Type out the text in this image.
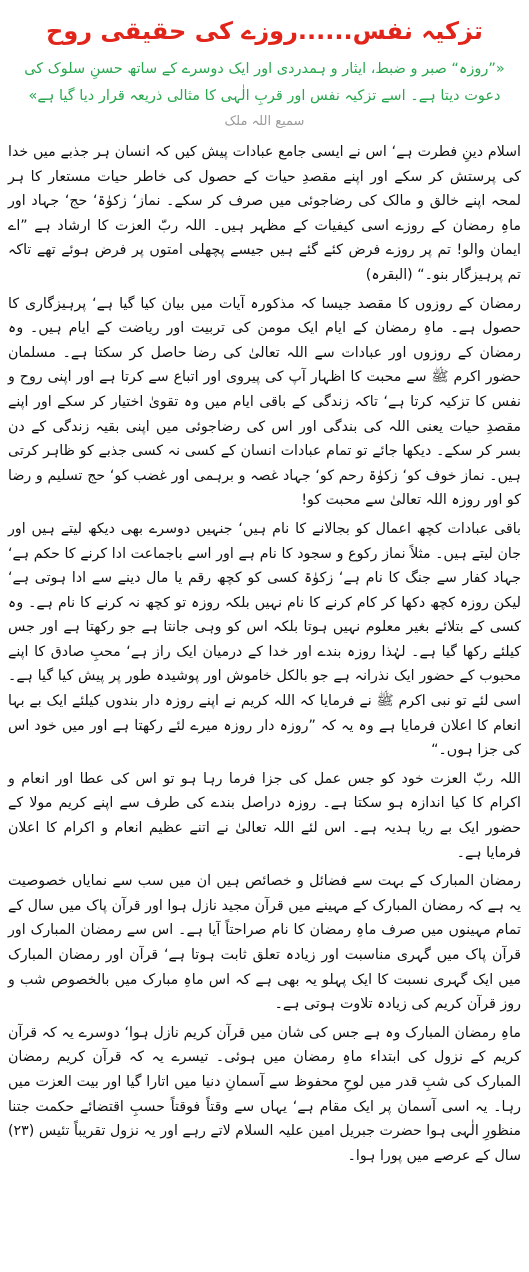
تزکیہ نفس......روزے کی حقیقی روح
«”روزہ“ صبر و ضبط، ایثار و ہمدردی اور ایک دوسرے کے ساتھ حسنِ سلوک کی دعوت دیتا ہے۔ اسے تزکیہ نفس اور قربِ الٰہی کا مثالی ذریعہ قرار دیا گیا ہے»
سمیع اللہ ملک

اسلام دینِ فطرت ہے‘ اس نے ایسی جامع عبادات پیش کیں کہ انسان ہر جذبے میں خدا کی پرستش کر سکے اور اپنے مقصدِ حیات کے حصول کی خاطر حیات مستعار کا ہر لمحہ اپنے خالق و مالک کی رضاجوئی میں صرف کر سکے۔ نماز‘ زکوٰۃ‘ حج‘ جہاد اور ماہِ رمضان کے روزے اسی کیفیات کے مظہر ہیں۔ اللہ ربّ العزت کا ارشاد ہے ”اے ایمان والو! تم پر روزے فرض کئے گئے ہیں جیسے پچھلی امتوں پر فرض ہوئے تھے تاکہ تم پرہیزگار بنو۔“ (البقرہ)

رمضان کے روزوں کا مقصد جیسا کہ مذکورہ آیات میں بیان کیا گیا ہے‘ پرہیزگاری کا حصول ہے۔ ماہِ رمضان کے ایام ایک مومن کی تربیت اور ریاضت کے ایام ہیں۔ وہ رمضان کے روزوں اور عبادات سے اللہ تعالیٰ کی رضا حاصل کر سکتا ہے۔ مسلمان حضور اکرم ﷺ سے محبت کا اظہار آپ کی پیروی اور اتباع سے کرتا ہے اور اپنی روح و نفس کا تزکیہ کرتا ہے‘ تاکہ زندگی کے باقی ایام میں وہ تقویٰ اختیار کر سکے اور اپنے مقصدِ حیات یعنی اللہ کی بندگی اور اس کی رضاجوئی میں اپنی بقیہ زندگی کے دن بسر کر سکے۔ دیکھا جائے تو تمام عبادات انسان کے کسی نہ کسی جذبے کو ظاہر کرتی ہیں۔ نماز خوف کو‘ زکوٰۃ رحم کو‘ جہاد غصہ و برہمی اور غضب کو‘ حج تسلیم و رضا کو اور روزہ اللہ تعالیٰ سے محبت کو!

باقی عبادات کچھ اعمال کو بجالانے کا نام ہیں‘ جنہیں دوسرے بھی دیکھ لیتے ہیں اور جان لیتے ہیں۔ مثلاً نماز رکوع و سجود کا نام ہے اور اسے باجماعت ادا کرنے کا حکم ہے‘ جہاد کفار سے جنگ کا نام ہے‘ زکوٰۃ کسی کو کچھ رقم یا مال دینے سے ادا ہوتی ہے‘ لیکن روزہ کچھ دکھا کر کام کرنے کا نام نہیں بلکہ روزہ تو کچھ نہ کرنے کا نام ہے۔ وہ کسی کے بتلائے بغیر معلوم نہیں ہوتا بلکہ اس کو وہی جانتا ہے جو رکھتا ہے اور جس کیلئے رکھا گیا ہے۔ لہٰذا روزہ بندے اور خدا کے درمیان ایک راز ہے‘ محبِ صادق کا اپنے محبوب کے حضور ایک نذرانہ ہے جو بالکل خاموش اور پوشیدہ طور پر پیش کیا گیا ہے۔ اسی لئے تو نبی اکرم ﷺ نے فرمایا کہ اللہ کریم نے اپنے روزہ دار بندوں کیلئے ایک بے بہا انعام کا اعلان فرمایا ہے وہ یہ کہ ”روزہ دار روزہ میرے لئے رکھتا ہے اور میں خود اس کی جزا ہوں۔“

اللہ ربّ العزت خود کو جس عمل کی جزا فرما رہا ہو تو اس کی عطا اور انعام و اکرام کا کیا اندازہ ہو سکتا ہے۔ روزہ دراصل بندے کی طرف سے اپنے کریم مولا کے حضور ایک بے ریا ہدیہ ہے۔ اس لئے اللہ تعالیٰ نے اتنے عظیم انعام و اکرام کا اعلان فرمایا ہے۔

رمضان المبارک کے بہت سے فضائل و خصائص ہیں ان میں سب سے نمایاں خصوصیت یہ ہے کہ رمضان المبارک کے مہینے میں قرآن مجید نازل ہوا اور قرآن پاک میں سال کے تمام مہینوں میں صرف ماہِ رمضان کا نام صراحتاً آیا ہے۔ اس سے رمضان المبارک اور قرآن پاک میں گہری مناسبت اور زیادہ تعلق ثابت ہوتا ہے‘ قرآن اور رمضان المبارک میں ایک گہری نسبت کا ایک پہلو یہ بھی ہے کہ اس ماہِ مبارک میں بالخصوص شب و روز قرآن کریم کی زیادہ تلاوت ہوتی ہے۔

ماہِ رمضان المبارک وہ ہے جس کی شان میں قرآن کریم نازل ہوا‘ دوسرے یہ کہ قرآن کریم کے نزول کی ابتداء ماہِ رمضان میں ہوئی۔ تیسرے یہ کہ قرآن کریم رمضان المبارک کی شبِ قدر میں لوحِ محفوظ سے آسمانِ دنیا میں اتارا گیا اور بیت العزت میں رہا۔ یہ اسی آسمان پر ایک مقام ہے‘ یہاں سے وقتاً فوقتاً حسبِ اقتضائے حکمت جتنا منظورِ الٰہی ہوا حضرت جبریل امین علیہ السلام لاتے رہے اور یہ نزول تقریباً تئیس (۲۳) سال کے عرصے میں پورا ہوا۔
